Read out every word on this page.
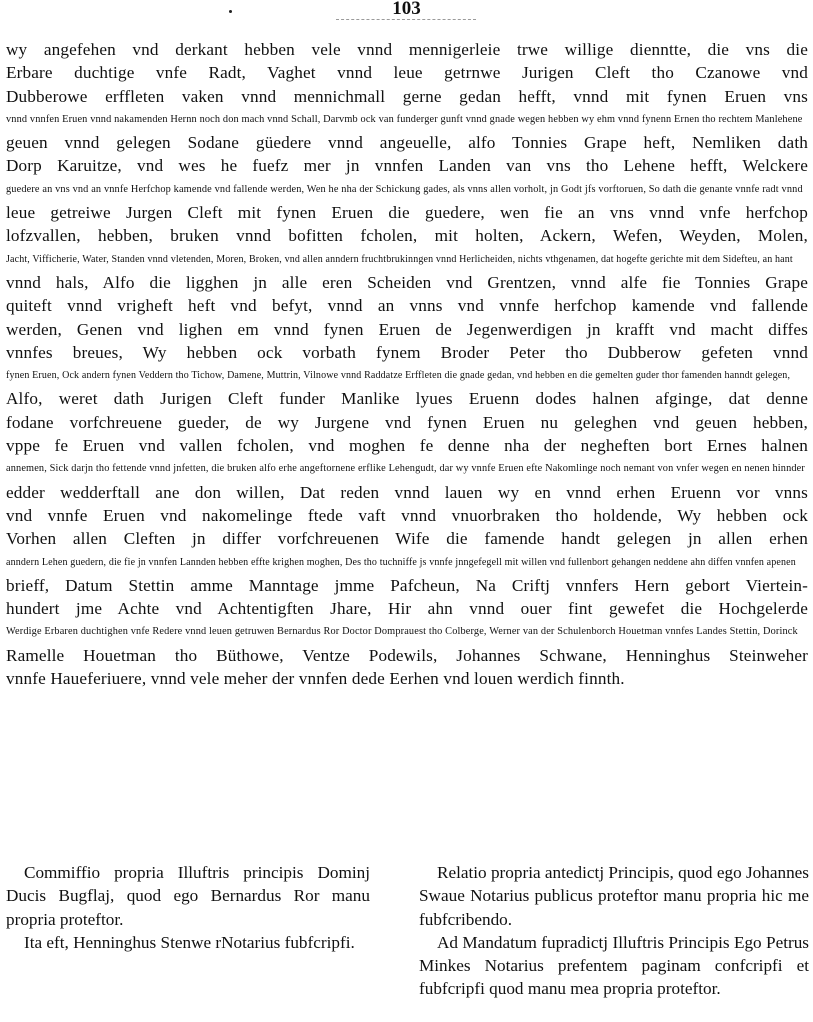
103
wy angefehen vnd derkant hebben vele vnnd mennigerleie trwe willige dienntte, die vns die
Erbare duchtige vnfe Radt, Vaghet vnnd leue getrnwe Jurigen Cleft tho Czanowe vnd
Dubberowe erffleten vaken vnnd mennichmall gerne gedan hefft, vnnd mit fynen Eruen vns
vnnd vnnfen Eruen vnnd nakamenden Hernn noch don mach vnnd Schall, Darvmb ock van funderger gunft vnnd gnade wegen hebben wy ehm vnnd fynenn Ernen tho rechtem Manlehene
geuen vnnd gelegen Sodane güedere vnnd angeuelle, alfo Tonnies Grape heft, Nemliken dath
Dorp Karuitze, vnd wes he fuefz mer jn vnnfen Landen van vns tho Lehene hefft, Welckere
guedere an vns vnd an vnnfe Herfchop kamende vnd fallende werden, Wen he nha der Schickung gades, als vnns allen vorholt, jn Godt jfs vorftoruen, So dath die genante vnnfe radt vnnd
leue getreiwe Jurgen Cleft mit fynen Eruen die guedere, wen fie an vns vnnd vnfe herfchop
lofzvallen, hebben, bruken vnnd bofitten fcholen, mit holten, Ackern, Wefen, Weyden, Molen,
Jacht, Vifficherie, Water, Standen vnnd vletenden, Moren, Broken, vnd allen anndern fruchtbrukinngen vnnd Herlicheiden, nichts vthgenamen, dat hogefte gerichte mit dem Sidefteu, an hant
vnnd hals, Alfo die ligghen jn alle eren Scheiden vnd Grentzen, vnnd alfe fie Tonnies Grape
quiteft vnnd vrigheft heft vnd befyt, vnnd an vnns vnd vnnfe herfchop kamende vnd fallende
werden, Genen vnd lighen em vnnd fynen Eruen de Jegenwerdigen jn krafft vnd macht diffes
vnnfes breues, Wy hebben ock vorbath fynem Broder Peter tho Dubberow gefeten vnnd
fynen Eruen, Ock andern fynen Veddern tho Tichow, Damene, Muttrin, Vilnowe vnnd Raddatze Erffleten die gnade gedan, vnd hebben en die gemelten guder thor famenden hanndt gelegen,
Alfo, weret dath Jurigen Cleft funder Manlike lyues Eruenn dodes halnen afginge, dat denne
fodane vorfchreuene gueder, de wy Jurgene vnd fynen Eruen nu geleghen vnd geuen hebben,
vppe fe Eruen vnd vallen fcholen, vnd moghen fe denne nha der negheften bort Ernes halnen
annemen, Sick darjn tho fettende vnnd jnfetten, die bruken alfo erhe angeftornene erflike Lehengudt, dar wy vnnfe Eruen efte Nakomlinge noch nemant von vnfer wegen en nenen hinnder
edder wedderftall ane don willen, Dat reden vnnd lauen wy en vnnd erhen Eruenn vor vnns
vnd vnnfe Eruen vnd nakomelinge ftede vaft vnnd vnuorbraken tho holdende, Wy hebben ock
Vorhen allen Cleften jn differ vorfchreuenen Wife die famende handt gelegen jn allen erhen
anndern Lehen guedern, die fie jn vnnfen Lannden hebben effte krighen moghen, Des tho tuchniffe js vnnfe jnngefegell mit willen vnd fullenbort gehangen neddene ahn diffen vnnfen apenen
brieff, Datum Stettin amme Manntage jmme Pafcheun, Na Criftj vnnfers Hern gebort Viertein-
hundert jme Achte vnd Achtentigften Jhare, Hir ahn vnnd ouer fint gewefet die Hochgelerde
Werdige Erbaren duchtighen vnfe Redere vnnd leuen getruwen Bernardus Ror Doctor Domprauest tho Colberge, Werner van der Schulenborch Houetman vnnfes Landes Stettin, Dorinck
Ramelle Houetman tho Büthowe, Ventze Podewils, Johannes Schwane, Henninghus Steinweher
vnnfe Haueferiuere, vnnd vele meher der vnnfen dede Eerhen vnd louen werdich finnth.
Commiffio propria Illuftris principis Dominj Ducis Bugflaj, quod ego Bernardus Ror manu propria proteftor.
Ita eft, Henninghus Stenwe rNotarius fubfcripfi.
Relatio propria antedictj Principis, quod ego Johannes Swaue Notarius publicus proteftor manu propria hic me fubfcribendo.
Ad Mandatum fupradictj Illuftris Principis Ego Petrus Minkes Notarius prefentem paginam confcripfi et fubfcripfi quod manu mea propria proteftor.
